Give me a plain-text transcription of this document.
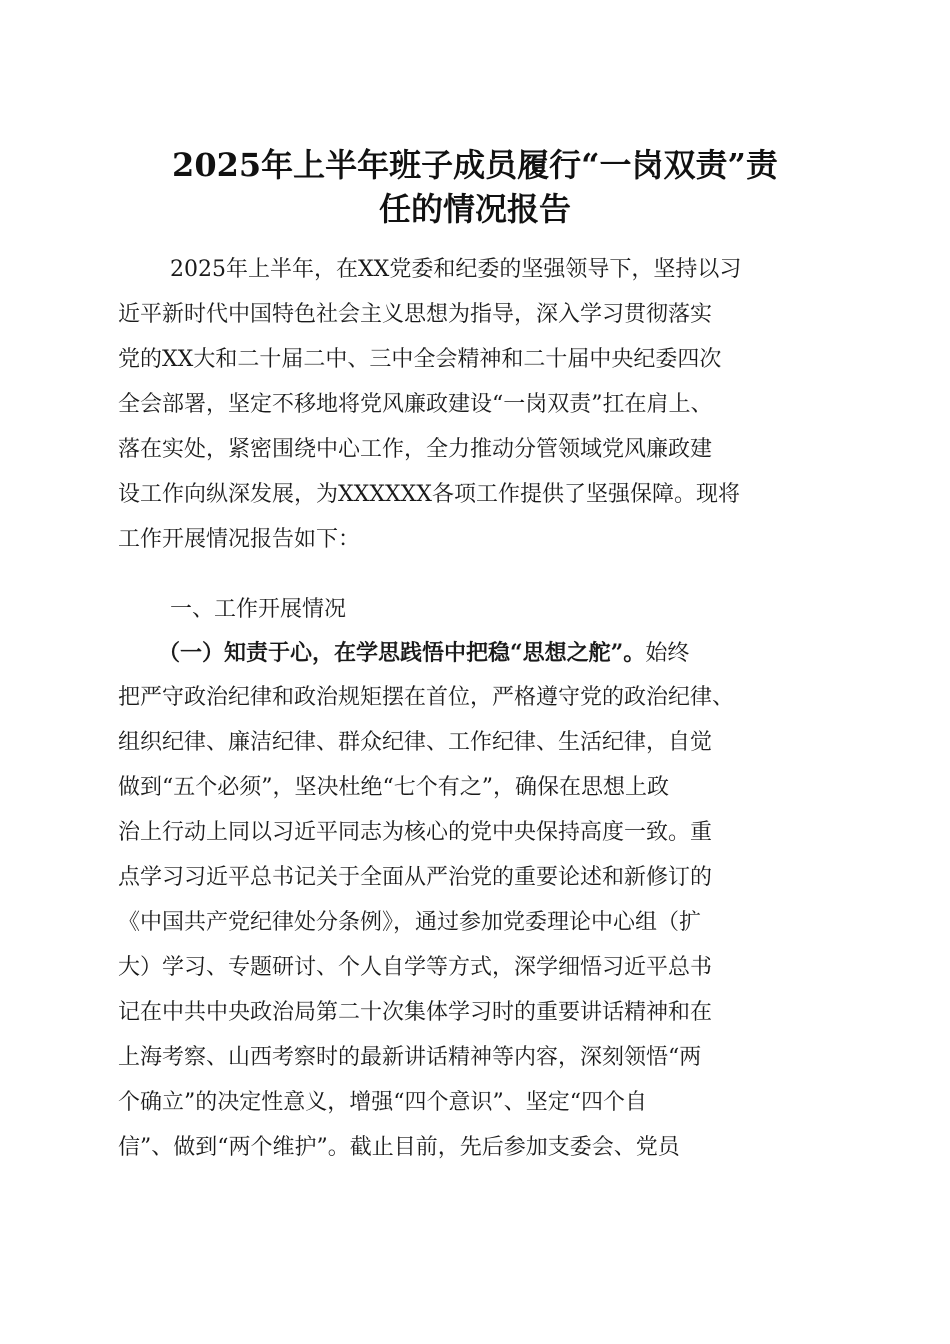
2025年上半年班子成员履行“一岗双责”责
任的情况报告
2025年上半年，在XX党委和纪委的坚强领导下，坚持以习
近平新时代中国特色社会主义思想为指导，深入学习贯彻落实
党的XX大和二十届二中、三中全会精神和二十届中央纪委四次
全会部署，坚定不移地将党风廉政建设“一岗双责”扛在肩上、
落在实处，紧密围绕中心工作，全力推动分管领域党风廉政建
设工作向纵深发展，为XXXXXX各项工作提供了坚强保障。现将
工作开展情况报告如下：
一、工作开展情况
（一）知责于心，在学思践悟中把稳“思想之舵”。始终
把严守政治纪律和政治规矩摆在首位，严格遵守党的政治纪律、
组织纪律、廉洁纪律、群众纪律、工作纪律、生活纪律，自觉
做到“五个必须”，坚决杜绝“七个有之”，确保在思想上政
治上行动上同以习近平同志为核心的党中央保持高度一致。重
点学习习近平总书记关于全面从严治党的重要论述和新修订的
《中国共产党纪律处分条例》，通过参加党委理论中心组（扩
大）学习、专题研讨、个人自学等方式，深学细悟习近平总书
记在中共中央政治局第二十次集体学习时的重要讲话精神和在
上海考察、山西考察时的最新讲话精神等内容，深刻领悟“两
个确立”的决定性意义，增强“四个意识”、坚定“四个自
信”、做到“两个维护”。截止目前，先后参加支委会、党员
